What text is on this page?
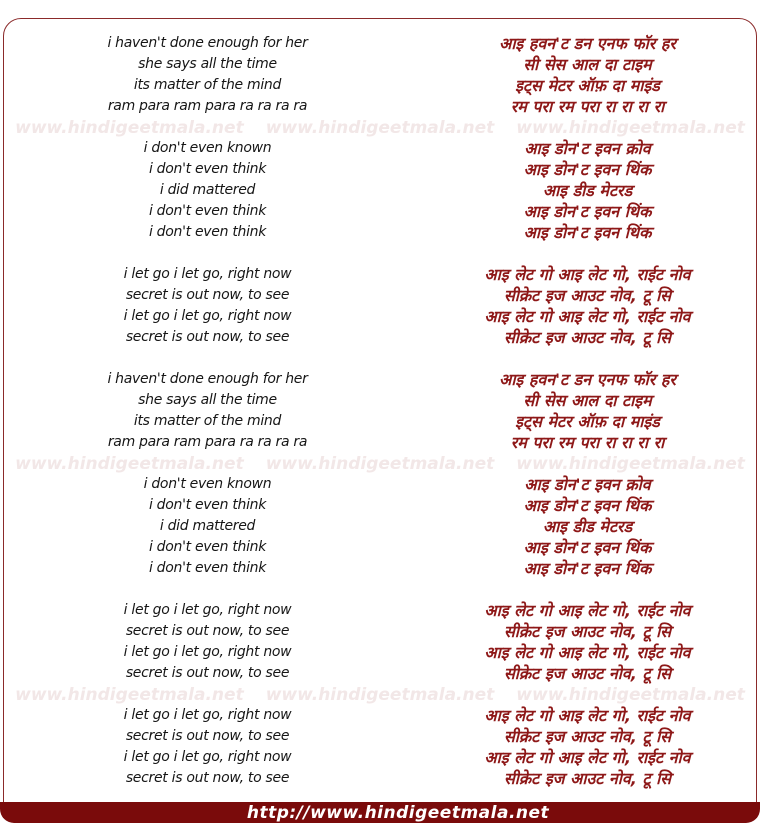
i haven't done enough for her	आइ हवन'ट डन एनफ फॉर हर
she says all the time	सी सेस आल दा टाइम
its matter of the mind	इट्स मेटर ऑफ़ दा माइंड
ram para ram para ra ra ra ra	रम परा रम परा रा रा रा रा
www.hindigeetmala.net www.hindigeetmala.net www.hindigeetmala.net
i don't even known	आइ डोन'ट इवन क्रोव
i don't even think	आइ डोन'ट इवन थिंक
i did mattered	आइ डीड मेटरड
i don't even think	आइ डोन'ट इवन थिंक
i don't even think	आइ डोन'ट इवन थिंक
i let go i let go, right now	आइ लेट गो आइ लेट गो, राईट नोव
secret is out now, to see	सीक्रेट इज आउट नोव, टू सि
i let go i let go, right now	आइ लेट गो आइ लेट गो, राईट नोव
secret is out now, to see	सीक्रेट इज आउट नोव, टू सि
i haven't done enough for her	आइ हवन'ट डन एनफ फॉर हर
she says all the time	सी सेस आल दा टाइम
its matter of the mind	इट्स मेटर ऑफ़ दा माइंड
ram para ram para ra ra ra ra	रम परा रम परा रा रा रा रा
www.hindigeetmala.net www.hindigeetmala.net www.hindigeetmala.net
i don't even known	आइ डोन'ट इवन क्रोव
i don't even think	आइ डोन'ट इवन थिंक
i did mattered	आइ डीड मेटरड
i don't even think	आइ डोन'ट इवन थिंक
i don't even think	आइ डोन'ट इवन थिंक
i let go i let go, right now	आइ लेट गो आइ लेट गो, राईट नोव
secret is out now, to see	सीक्रेट इज आउट नोव, टू सि
i let go i let go, right now	आइ लेट गो आइ लेट गो, राईट नोव
secret is out now, to see	सीक्रेट इज आउट नोव, टू सि
www.hindigeetmala.net www.hindigeetmala.net www.hindigeetmala.net
i let go i let go, right now	आइ लेट गो आइ लेट गो, राईट नोव
secret is out now, to see	सीक्रेट इज आउट नोव, टू सि
i let go i let go, right now	आइ लेट गो आइ लेट गो, राईट नोव
secret is out now, to see	सीक्रेट इज आउट नोव, टू सि
http://www.hindigeetmala.net
